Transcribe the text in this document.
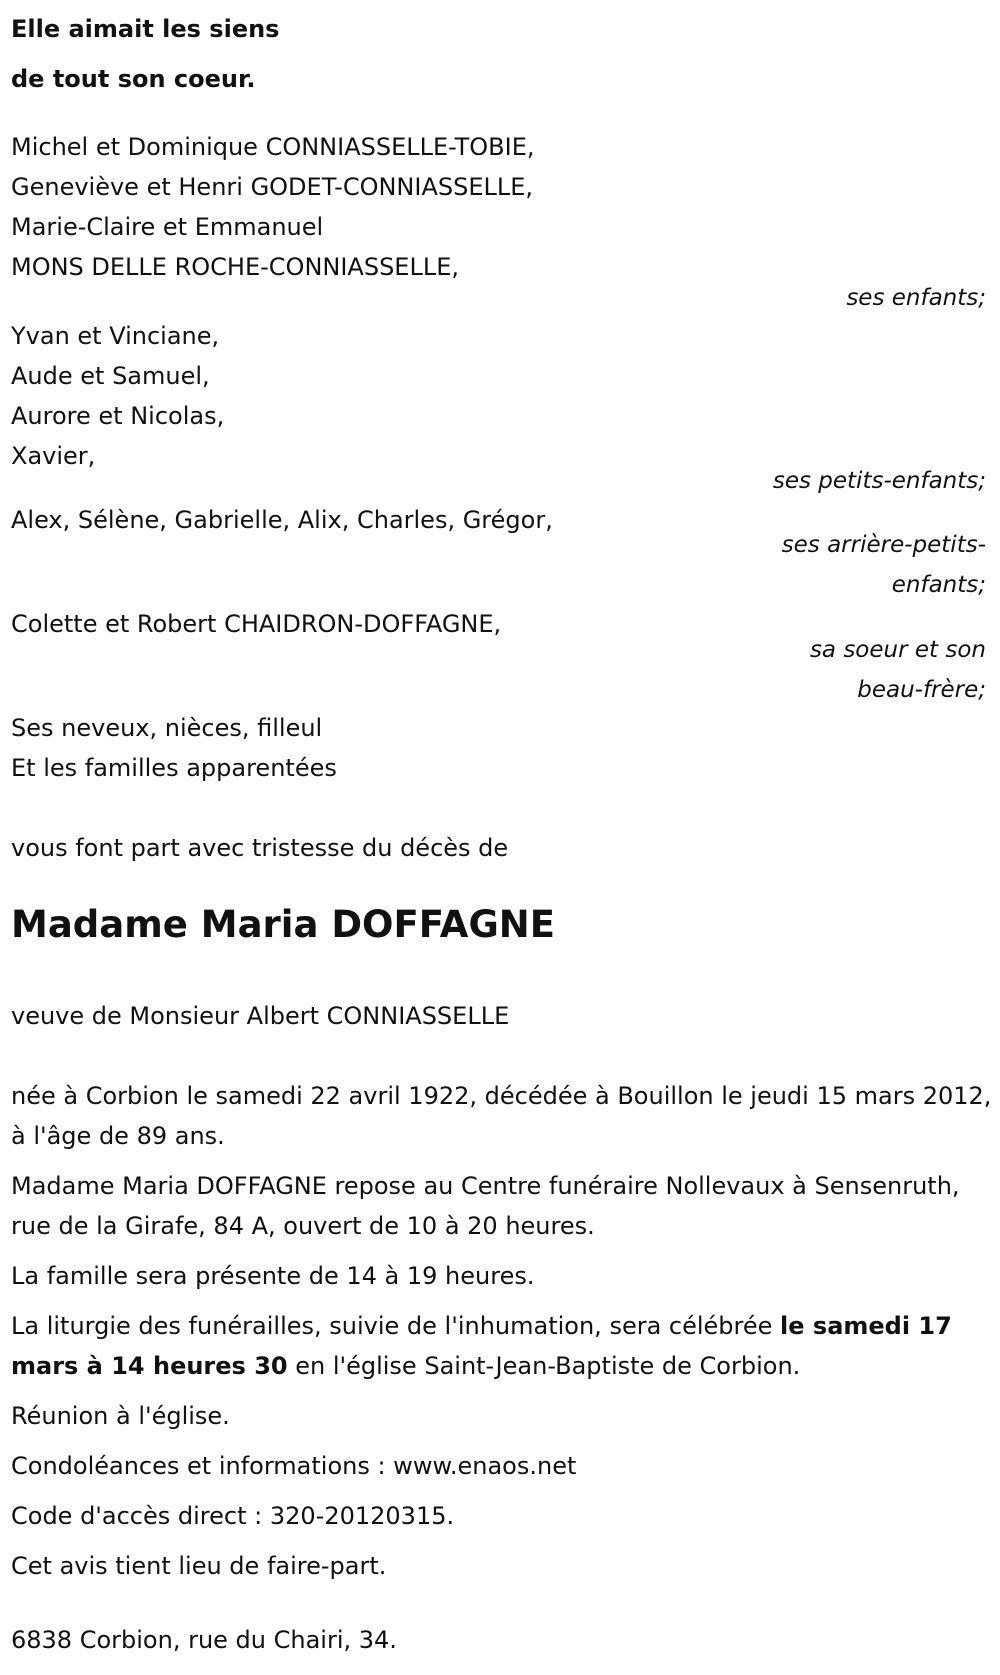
Elle aimait les siens
de tout son coeur.
Michel et Dominique CONNIASSELLE-TOBIE,
Geneviève et Henri GODET-CONNIASSELLE,
Marie-Claire et Emmanuel
MONS DELLE ROCHE-CONNIASSELLE,
ses enfants;
Yvan et Vinciane,
Aude et Samuel,
Aurore et Nicolas,
Xavier,
ses petits-enfants;
Alex, Sélène, Gabrielle, Alix, Charles, Grégor,
ses arrière-petits-
enfants;
Colette et Robert CHAIDRON-DOFFAGNE,
sa soeur et son
beau-frère;
Ses neveux, nièces, filleul
Et les familles apparentées
vous font part avec tristesse du décès de
Madame Maria DOFFAGNE
veuve de Monsieur Albert CONNIASSELLE
née à Corbion le samedi 22 avril 1922, décédée à Bouillon le jeudi 15 mars 2012, à l'âge de 89 ans.
Madame Maria DOFFAGNE repose au Centre funéraire Nollevaux à Sensenruth, rue de la Girafe, 84 A, ouvert de 10 à 20 heures.
La famille sera présente de 14 à 19 heures.
La liturgie des funérailles, suivie de l'inhumation, sera célébrée le samedi 17 mars à 14 heures 30 en l'église Saint-Jean-Baptiste de Corbion.
Réunion à l'église.
Condoléances et informations : www.enaos.net
Code d'accès direct : 320-20120315.
Cet avis tient lieu de faire-part.
6838 Corbion, rue du Chairi, 34.
